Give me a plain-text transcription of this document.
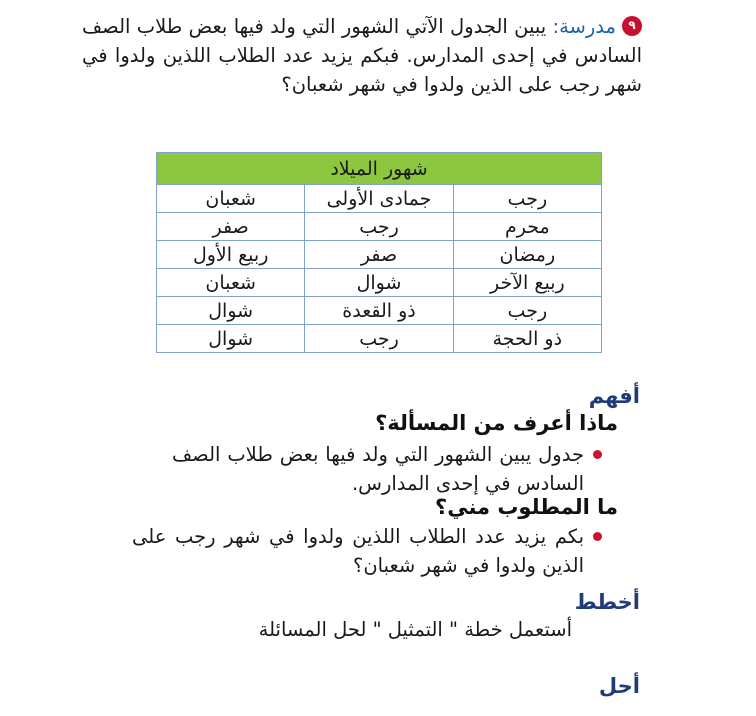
٩مدرسة: يبين الجدول الآتي الشهور التي ولد فيها بعض طلاب الصف السادس في إحدى المدارس. فبكم يزيد عدد الطلاب اللذين ولدوا في شهر رجب على الذين ولدوا في شهر شعبان؟
شهور الميلاد		
رجب	جمادى الأولى	شعبان
محرم	رجب	صفر
رمضان	صفر	ربيع الأول
ربيع الآخر	شوال	شعبان
رجب	ذو القعدة	شوال
ذو الحجة	رجب	شوال
أفهم
ماذا أعرف من المسألة؟
جدول يبين الشهور التي ولد فيها بعض طلاب الصف السادس في إحدى المدارس.
ما المطلوب مني؟
بكم يزيد عدد الطلاب اللذين ولدوا في شهر رجب على الذين ولدوا في شهر شعبان؟
أخطط
أستعمل خطة " التمثيل " لحل المسائلة
أحل
